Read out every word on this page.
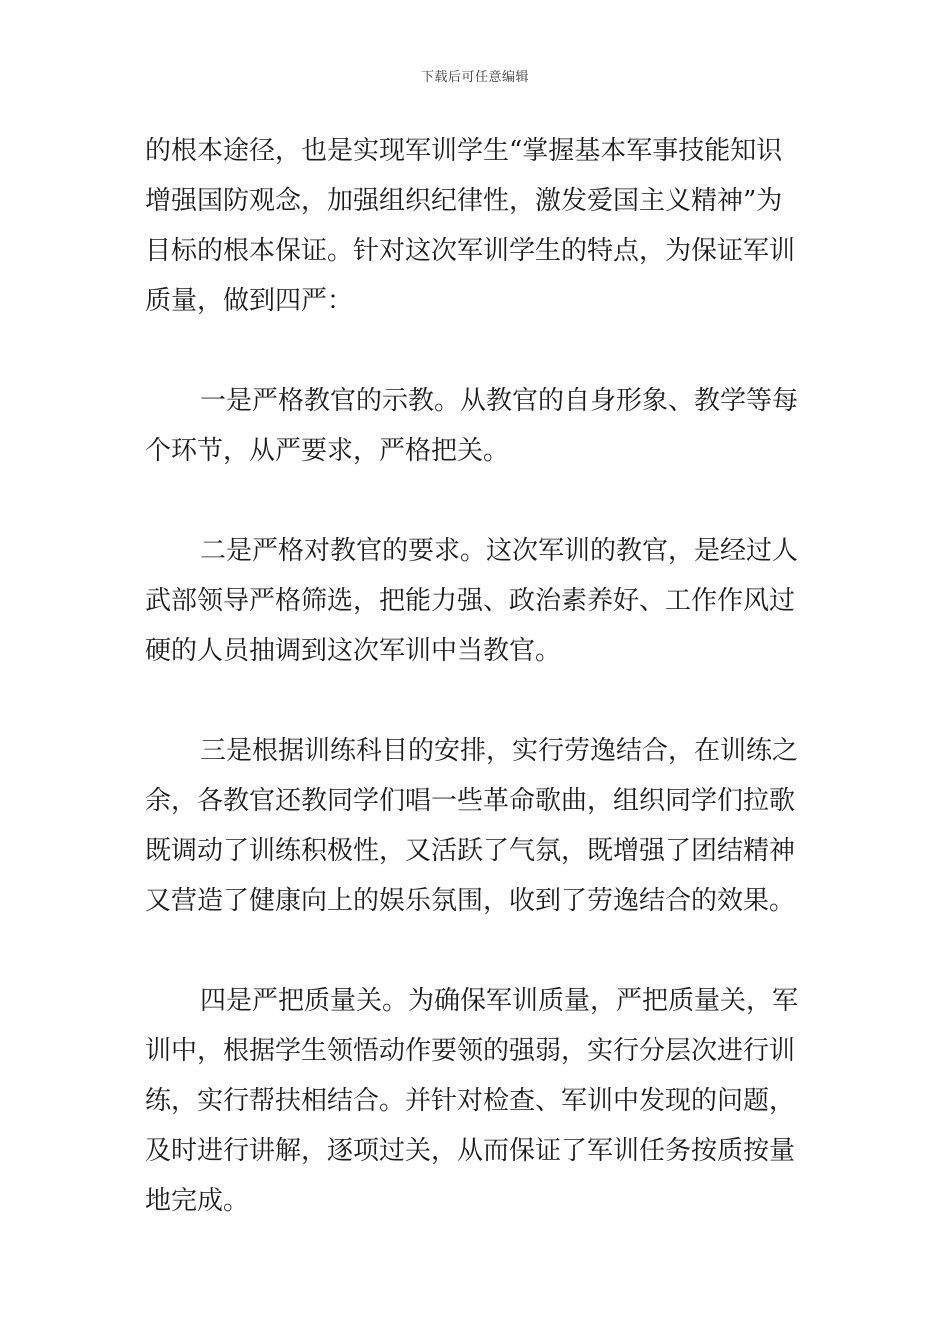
下载后可任意编辑
的根本途径，也是实现军训学生“掌握基本军事技能知识
增强国防观念，加强组织纪律性，激发爱国主义精神”为
目标的根本保证。针对这次军训学生的特点，为保证军训
质量，做到四严：
一是严格教官的示教。从教官的自身形象、教学等每
个环节，从严要求，严格把关。
二是严格对教官的要求。这次军训的教官，是经过人
武部领导严格筛选，把能力强、政治素养好、工作作风过
硬的人员抽调到这次军训中当教官。
三是根据训练科目的安排，实行劳逸结合，在训练之
余，各教官还教同学们唱一些革命歌曲，组织同学们拉歌
既调动了训练积极性，又活跃了气氛，既增强了团结精神
又营造了健康向上的娱乐氛围，收到了劳逸结合的效果。
四是严把质量关。为确保军训质量，严把质量关，军
训中，根据学生领悟动作要领的强弱，实行分层次进行训
练，实行帮扶相结合。并针对检查、军训中发现的问题，
及时进行讲解，逐项过关，从而保证了军训任务按质按量
地完成。
